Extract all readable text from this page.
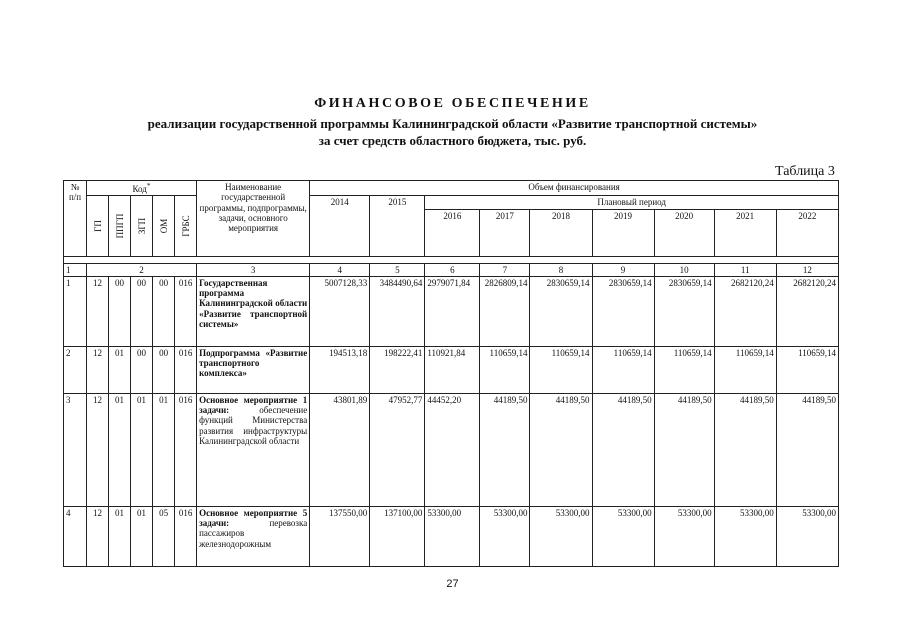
ФИНАНСОВОЕ ОБЕСПЕЧЕНИЕ
реализации государственной программы Калининградской области «Развитие транспортной системы»
за счет средств областного бюджета, тыс. руб.
Таблица 3
№ п/п	Код*					Наименование государственной программы, подпрограммы, задачи, основного мероприятия	Объем финансирования								

	ГП	ППГП	ЗГП	ОМ	ГРБС		2014	2015	Плановый период						
									2016	2017	2018	2019	2020	2021	2022

1	2					3	4	5	6	7	8	9	10	11	12
1	12	00	00	00	016	Государственная программа Калининградской области «Развитие транспортной системы»	5007128,33	3484490,64	2979071,84	2826809,14	2830659,14	2830659,14	2830659,14	2682120,24	2682120,24
2	12	01	00	00	016	Подпрограмма «Развитие транспортного комплекса»	194513,18	198222,41	110921,84	110659,14	110659,14	110659,14	110659,14	110659,14	110659,14
3	12	01	01	01	016	Основное мероприятие 1 задачи: обеспечение функций Министерства развития инфраструктуры Калининградской области	43801,89	47952,77	44452,20	44189,50	44189,50	44189,50	44189,50	44189,50	44189,50
4	12	01	01	05	016	Основное мероприятие 5 задачи: перевозка пассажиров железнодорожным	137550,00	137100,00	53300,00	53300,00	53300,00	53300,00	53300,00	53300,00	53300,00
27
